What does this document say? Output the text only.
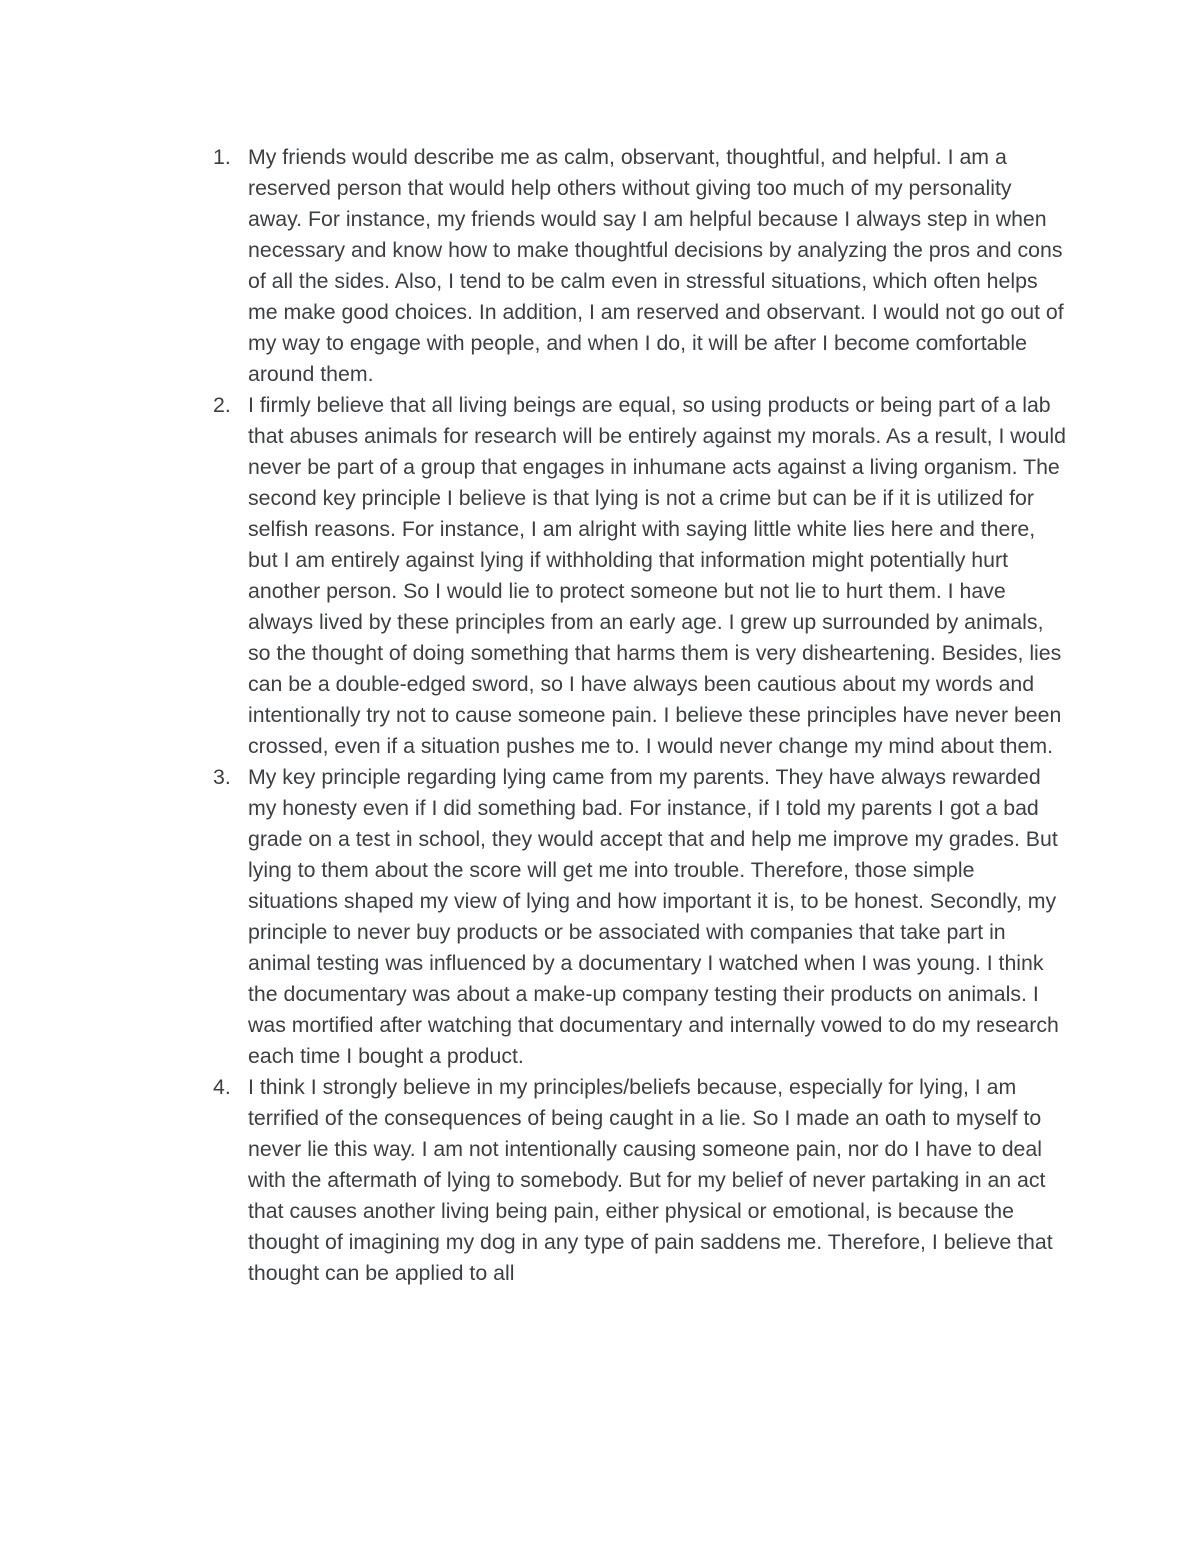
1. My friends would describe me as calm, observant, thoughtful, and helpful. I am a reserved person that would help others without giving too much of my personality away. For instance, my friends would say I am helpful because I always step in when necessary and know how to make thoughtful decisions by analyzing the pros and cons of all the sides. Also, I tend to be calm even in stressful situations, which often helps me make good choices. In addition, I am reserved and observant. I would not go out of my way to engage with people, and when I do, it will be after I become comfortable around them.
2. I firmly believe that all living beings are equal, so using products or being part of a lab that abuses animals for research will be entirely against my morals. As a result, I would never be part of a group that engages in inhumane acts against a living organism. The second key principle I believe is that lying is not a crime but can be if it is utilized for selfish reasons. For instance, I am alright with saying little white lies here and there, but I am entirely against lying if withholding that information might potentially hurt another person. So I would lie to protect someone but not lie to hurt them. I have always lived by these principles from an early age. I grew up surrounded by animals, so the thought of doing something that harms them is very disheartening. Besides, lies can be a double-edged sword, so I have always been cautious about my words and intentionally try not to cause someone pain. I believe these principles have never been crossed, even if a situation pushes me to. I would never change my mind about them.
3. My key principle regarding lying came from my parents. They have always rewarded my honesty even if I did something bad. For instance, if I told my parents I got a bad grade on a test in school, they would accept that and help me improve my grades. But lying to them about the score will get me into trouble. Therefore, those simple situations shaped my view of lying and how important it is, to be honest. Secondly, my principle to never buy products or be associated with companies that take part in animal testing was influenced by a documentary I watched when I was young. I think the documentary was about a make-up company testing their products on animals. I was mortified after watching that documentary and internally vowed to do my research each time I bought a product.
4. I think I strongly believe in my principles/beliefs because, especially for lying, I am terrified of the consequences of being caught in a lie. So I made an oath to myself to never lie this way. I am not intentionally causing someone pain, nor do I have to deal with the aftermath of lying to somebody. But for my belief of never partaking in an act that causes another living being pain, either physical or emotional, is because the thought of imagining my dog in any type of pain saddens me. Therefore, I believe that thought can be applied to all
